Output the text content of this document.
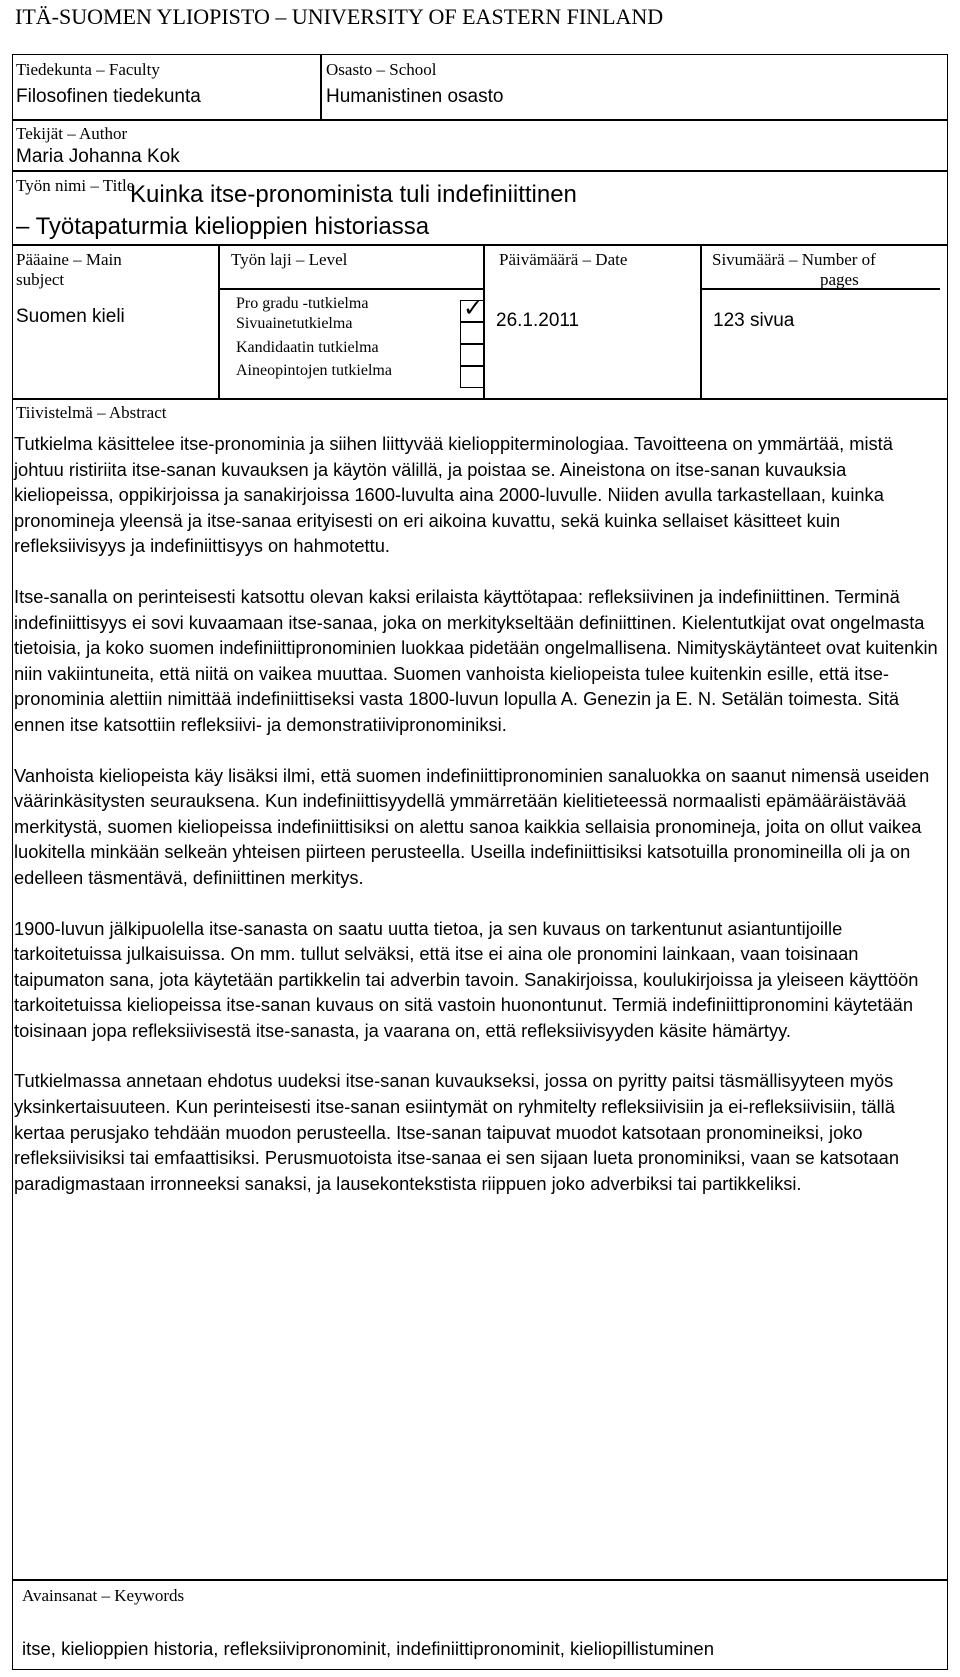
ITÄ-SUOMEN YLIOPISTO – UNIVERSITY OF EASTERN FINLAND
Tiedekunta – Faculty
Filosofinen tiedekunta
Osasto – School
Humanistinen osasto
Tekijät – Author
Maria Johanna Kok
Työn nimi – Title
Kuinka itse-pronominista tuli indefiniittinen
– Työtapaturmia kielioppien historiassa
Pääaine – Main
subject
Suomen kieli
Työn laji – Level
Pro gradu -tutkielma
Sivuainetutkielma
Kandidaatin tutkielma
Aineopintojen tutkielma
✓
Päivämäärä – Date
26.1.2011
Sivumäärä – Number of
pages
123 sivua
Tiivistelmä – Abstract

Tutkielma käsittelee itse-pronominia ja siihen liittyvää kielioppiterminologiaa. Tavoitteena on ymmärtää, mistä johtuu ristiriita itse-sanan kuvauksen ja käytön välillä, ja poistaa se. Aineistona on itse-sanan kuvauksia kieliopeissa, oppikirjoissa ja sanakirjoissa 1600-luvulta aina 2000-luvulle. Niiden avulla tarkastellaan, kuinka pronomineja yleensä ja itse-sanaa erityisesti on eri aikoina kuvattu, sekä kuinka sellaiset käsitteet kuin refleksiivisyys ja indefiniittisyys on hahmotettu.

Itse-sanalla on perinteisesti katsottu olevan kaksi erilaista käyttötapaa: refleksiivinen ja indefiniittinen. Terminä indefiniittisyys ei sovi kuvaamaan itse-sanaa, joka on merkitykseltään definiittinen. Kielentutkijat ovat ongelmasta tietoisia, ja koko suomen indefiniittipronominien luokkaa pidetään ongelmallisena. Nimityskäytänteet ovat kuitenkin niin vakiintuneita, että niitä on vaikea muuttaa. Suomen vanhoista kieliopeista tulee kuitenkin esille, että itse-pronominia alettiin nimittää indefiniittiseksi vasta 1800-luvun lopulla A. Genezin ja E. N. Setälän toimesta. Sitä ennen itse katsottiin refleksiivi- ja demonstratiivipronominiksi.

Vanhoista kieliopeista käy lisäksi ilmi, että suomen indefiniittipronominien sanaluokka on saanut nimensä useiden väärinkäsitysten seurauksena. Kun indefiniittisyydellä ymmärretään kielitieteessä normaalisti epämääräistävää merkitystä, suomen kieliopeissa indefiniittisiksi on alettu sanoa kaikkia sellaisia pronomineja, joita on ollut vaikea luokitella minkään selkeän yhteisen piirteen perusteella. Useilla indefiniittisiksi katsotuilla pronomineilla oli ja on edelleen täsmentävä, definiittinen merkitys.

1900-luvun jälkipuolella itse-sanasta on saatu uutta tietoa, ja sen kuvaus on tarkentunut asiantuntijoille tarkoitetuissa julkaisuissa. On mm. tullut selväksi, että itse ei aina ole pronomini lainkaan, vaan toisinaan taipumaton sana, jota käytetään partikkelin tai adverbin tavoin. Sanakirjoissa, koulukirjoissa ja yleiseen käyttöön tarkoitetuissa kieliopeissa itse-sanan kuvaus on sitä vastoin huonontunut. Termiä indefiniittipronomini käytetään toisinaan jopa refleksiivisestä itse-sanasta, ja vaarana on, että refleksiivisyyden käsite hämärtyy.

Tutkielmassa annetaan ehdotus uudeksi itse-sanan kuvaukseksi, jossa on pyritty paitsi täsmällisyyteen myös yksinkertaisuuteen. Kun perinteisesti itse-sanan esiintymät on ryhmitelty refleksiivisiin ja ei-refleksiivisiin, tällä kertaa perusjako tehdään muodon perusteella. Itse-sanan taipuvat muodot katsotaan pronomineiksi, joko refleksiivisiksi tai emfaattisiksi. Perusmuotoista itse-sanaa ei sen sijaan lueta pronominiksi, vaan se katsotaan paradigmastaan irronneeksi sanaksi, ja lausekontekstista riippuen joko adverbiksi tai partikkeliksi.

Avainsanat – Keywords
itse, kielioppien historia, refleksiivipronominit, indefiniittipronominit, kieliopillistuminen
